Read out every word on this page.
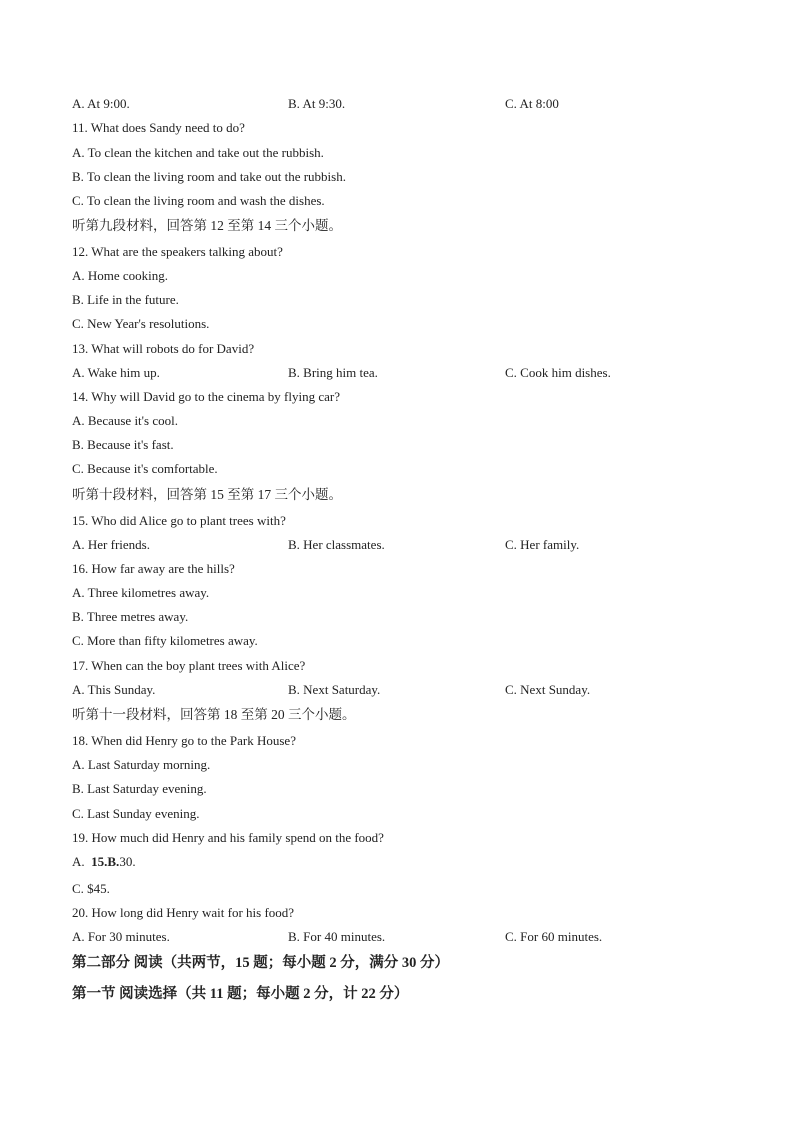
A. At 9:00.	B. At 9:30.	C. At 8:00
11. What does Sandy need to do?
A. To clean the kitchen and take out the rubbish.
B. To clean the living room and take out the rubbish.
C. To clean the living room and wash the dishes.
听第九段材料，回答第 12 至第 14 三个小题。
12. What are the speakers talking about?
A. Home cooking.
B. Life in the future.
C. New Year's resolutions.
13. What will robots do for David?
A. Wake him up.	B. Bring him tea.	C. Cook him dishes.
14. Why will David go to the cinema by flying car?
A. Because it's cool.
B. Because it's fast.
C. Because it's comfortable.
听第十段材料，回答第 15 至第 17 三个小题。
15. Who did Alice go to plant trees with?
A. Her friends.	B. Her classmates.	C. Her family.
16. How far away are the hills?
A. Three kilometres away.
B. Three metres away.
C. More than fifty kilometres away.
17. When can the boy plant trees with Alice?
A. This Sunday.	B. Next Saturday.	C. Next Sunday.
听第十一段材料，回答第 18 至第 20 三个小题。
18. When did Henry go to the Park House?
A. Last Saturday morning.
B. Last Saturday evening.
C. Last Sunday evening.
19. How much did Henry and his family spend on the food?
A.  15.B.30.
C. $45.
20. How long did Henry wait for his food?
A. For 30 minutes.	B. For 40 minutes.	C. For 60 minutes.
第二部分 阅读（共两节，15 题；每小题 2 分，满分 30 分）
第一节 阅读选择（共 11 题；每小题 2 分，计 22 分）
